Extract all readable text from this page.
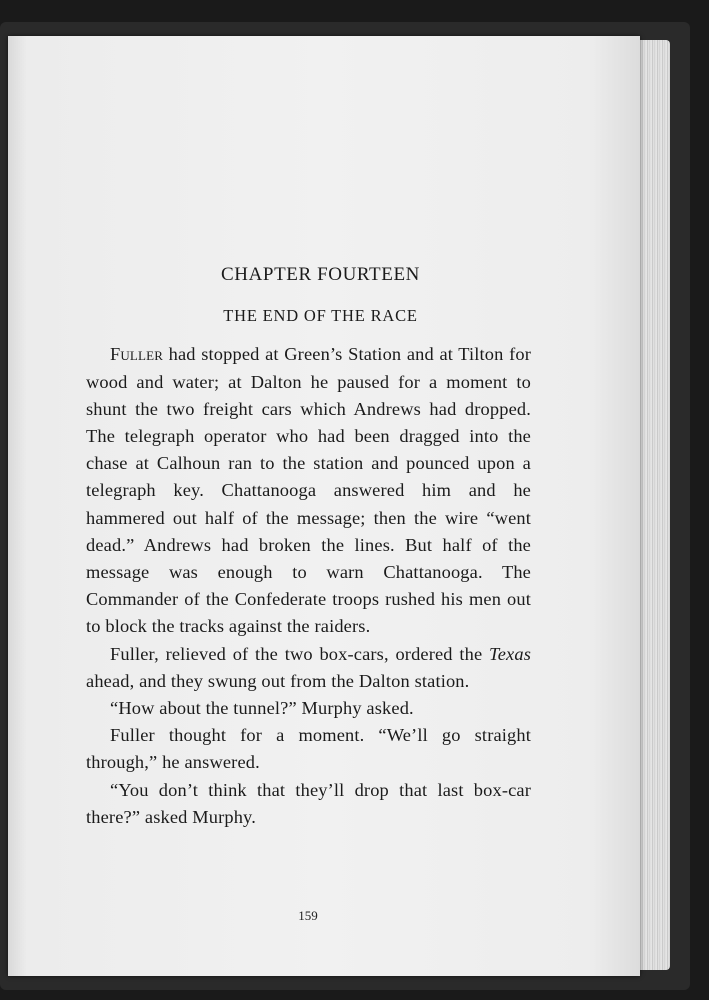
CHAPTER FOURTEEN
THE END OF THE RACE

Fuller had stopped at Green’s Station and at Tilton for wood and water; at Dalton he paused for a moment to shunt the two freight cars which Andrews had dropped. The telegraph operator who had been dragged into the chase at Calhoun ran to the station and pounced upon a telegraph key. Chattanooga answered him and he hammered out half of the message; then the wire “went dead.” Andrews had broken the lines. But half of the message was enough to warn Chattanooga. The Commander of the Confederate troops rushed his men out to block the tracks against the raiders.

Fuller, relieved of the two box-cars, ordered the Texas ahead, and they swung out from the Dalton station.

“How about the tunnel?” Murphy asked.

Fuller thought for a moment. “We’ll go straight through,” he answered.

“You don’t think that they’ll drop that last box-car there?” asked Murphy.

159
